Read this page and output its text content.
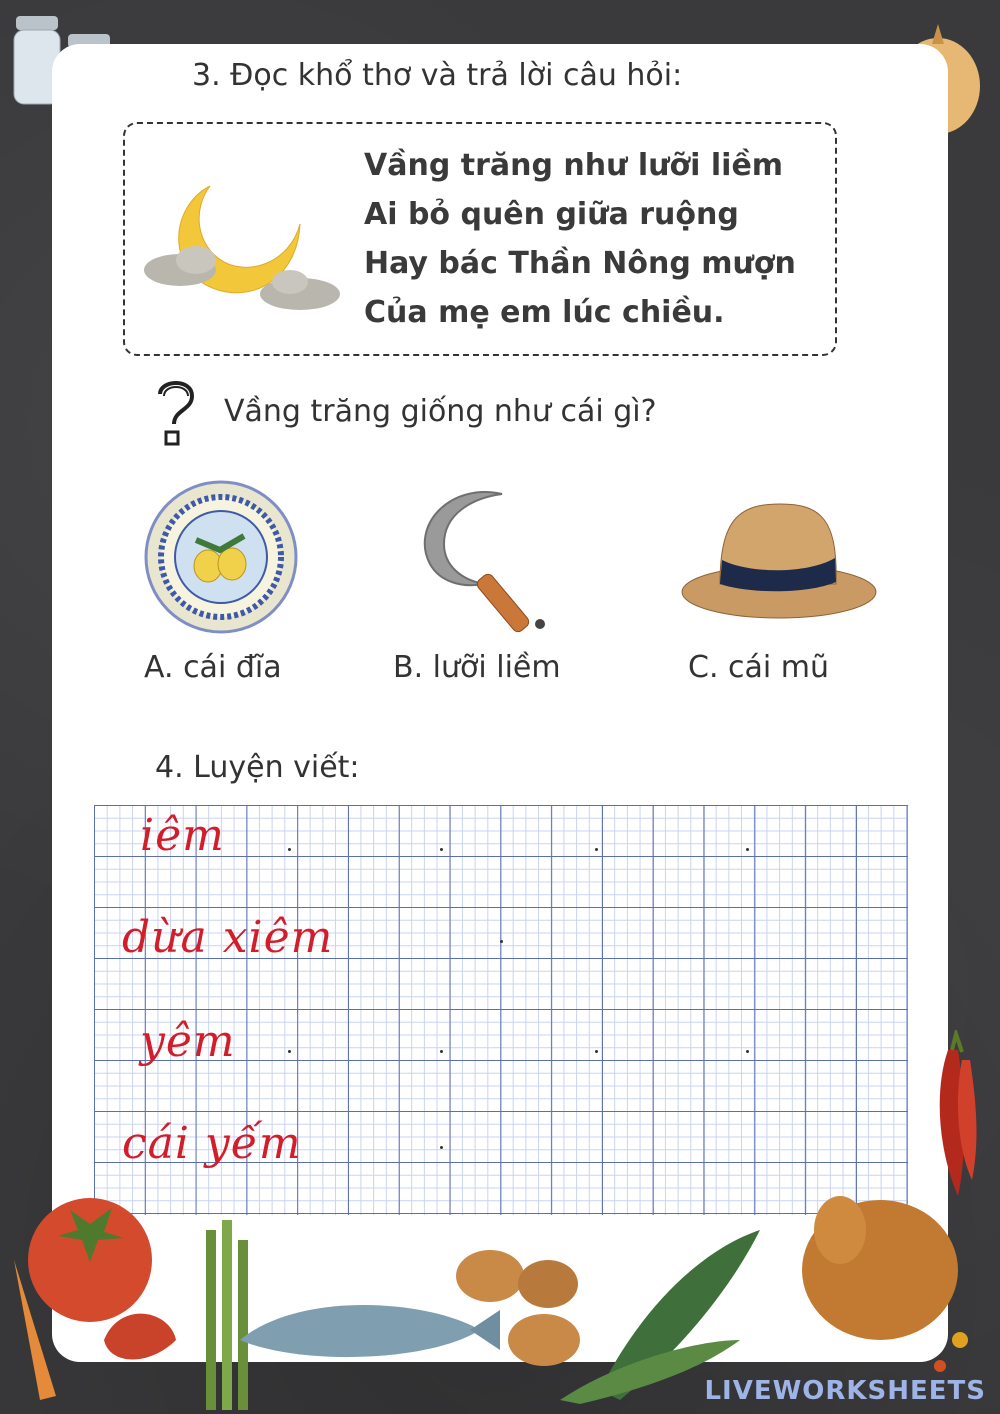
3. Đọc khổ thơ và trả lời câu hỏi:
Vầng trăng như lưỡi liềm
Ai bỏ quên giữa ruộng
Hay bác Thần Nông mượn
Của mẹ em lúc chiều.
Vầng trăng giống như cái gì?
A. cái đĩa	B. lưỡi liềm	C. cái mũ
4. Luyện viết:
iêm
dừa xiêm
yêm
cái yếm
LIVEWORKSHEETS
